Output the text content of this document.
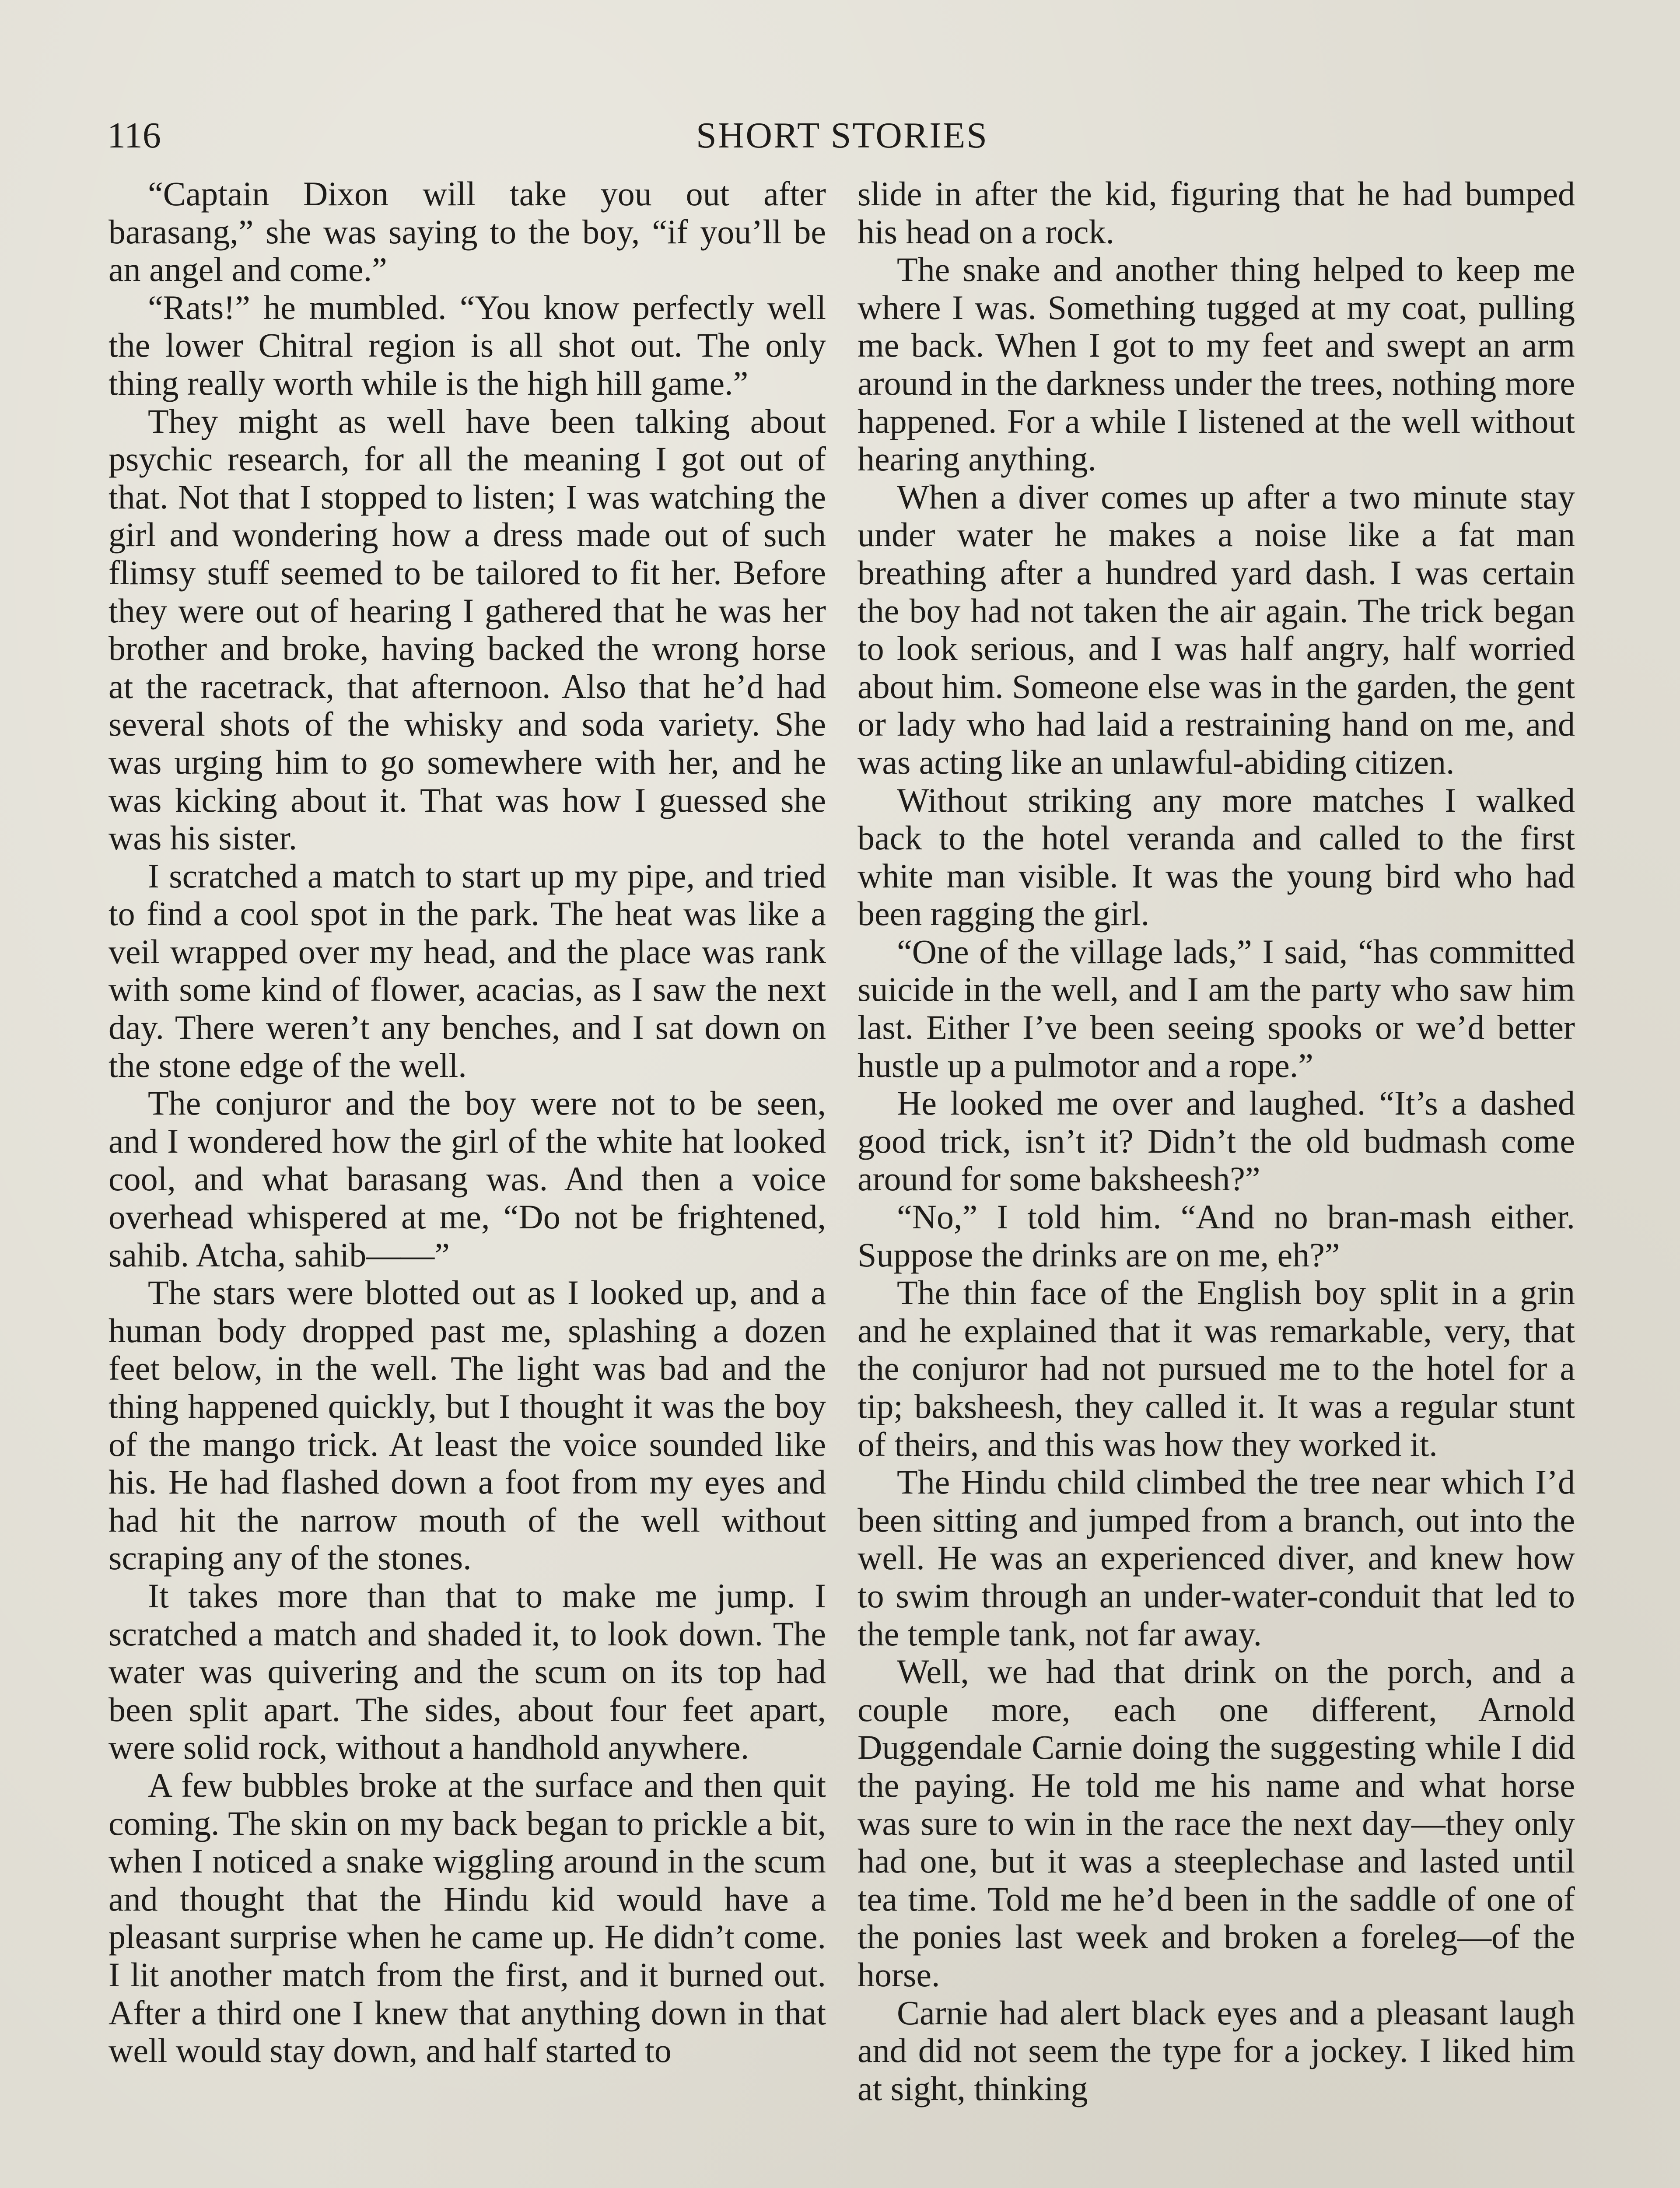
116	SHORT STORIES

“Captain Dixon will take you out after barasang,” she was saying to the boy, “if you’ll be an angel and come.”

“Rats!” he mumbled. “You know perfectly well the lower Chitral region is all shot out. The only thing really worth while is the high hill game.”

They might as well have been talking about psychic research, for all the meaning I got out of that. Not that I stopped to listen; I was watching the girl and wondering how a dress made out of such flimsy stuff seemed to be tailored to fit her. Before they were out of hearing I gathered that he was her brother and broke, having backed the wrong horse at the racetrack, that afternoon. Also that he’d had several shots of the whisky and soda variety. She was urging him to go somewhere with her, and he was kicking about it. That was how I guessed she was his sister.

I scratched a match to start up my pipe, and tried to find a cool spot in the park. The heat was like a veil wrapped over my head, and the place was rank with some kind of flower, acacias, as I saw the next day. There weren’t any benches, and I sat down on the stone edge of the well.

The conjuror and the boy were not to be seen, and I wondered how the girl of the white hat looked cool, and what barasang was. And then a voice overhead whispered at me, “Do not be frightened, sahib. Atcha, sahib——”

The stars were blotted out as I looked up, and a human body dropped past me, splashing a dozen feet below, in the well. The light was bad and the thing happened quickly, but I thought it was the boy of the mango trick. At least the voice sounded like his. He had flashed down a foot from my eyes and had hit the narrow mouth of the well without scraping any of the stones.

It takes more than that to make me jump. I scratched a match and shaded it, to look down. The water was quivering and the scum on its top had been split apart. The sides, about four feet apart, were solid rock, without a handhold anywhere.

A few bubbles broke at the surface and then quit coming. The skin on my back began to prickle a bit, when I noticed a snake wiggling around in the scum and thought that the Hindu kid would have a pleasant surprise when he came up. He didn’t come. I lit another match from the first, and it burned out. After a third one I knew that anything down in that well would stay down, and half started to

slide in after the kid, figuring that he had bumped his head on a rock.

The snake and another thing helped to keep me where I was. Something tugged at my coat, pulling me back. When I got to my feet and swept an arm around in the darkness under the trees, nothing more happened. For a while I listened at the well without hearing anything.

When a diver comes up after a two minute stay under water he makes a noise like a fat man breathing after a hundred yard dash. I was certain the boy had not taken the air again. The trick began to look serious, and I was half angry, half worried about him. Someone else was in the garden, the gent or lady who had laid a restraining hand on me, and was acting like an unlawful-abiding citizen.

Without striking any more matches I walked back to the hotel veranda and called to the first white man visible. It was the young bird who had been ragging the girl.

“One of the village lads,” I said, “has committed suicide in the well, and I am the party who saw him last. Either I’ve been seeing spooks or we’d better hustle up a pulmotor and a rope.”

He looked me over and laughed. “It’s a dashed good trick, isn’t it? Didn’t the old budmash come around for some baksheesh?”

“No,” I told him. “And no bran-mash either. Suppose the drinks are on me, eh?”

The thin face of the English boy split in a grin and he explained that it was remarkable, very, that the conjuror had not pursued me to the hotel for a tip; baksheesh, they called it. It was a regular stunt of theirs, and this was how they worked it.

The Hindu child climbed the tree near which I’d been sitting and jumped from a branch, out into the well. He was an experienced diver, and knew how to swim through an under-water-conduit that led to the temple tank, not far away.

Well, we had that drink on the porch, and a couple more, each one different, Arnold Duggendale Carnie doing the suggesting while I did the paying. He told me his name and what horse was sure to win in the race the next day—they only had one, but it was a steeplechase and lasted until tea time. Told me he’d been in the saddle of one of the ponies last week and broken a foreleg—of the horse.

Carnie had alert black eyes and a pleasant laugh and did not seem the type for a jockey. I liked him at sight, thinking
